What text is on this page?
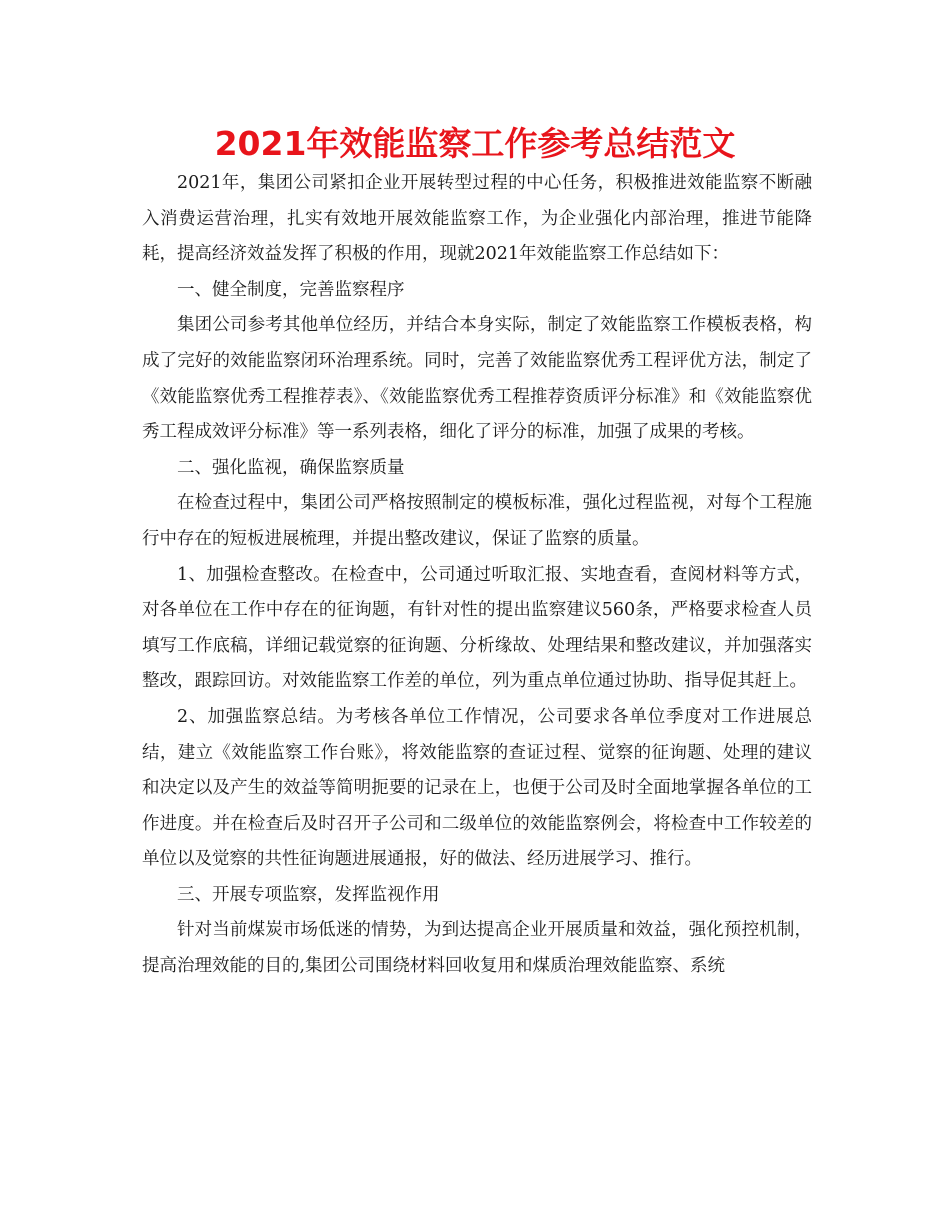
2021年效能监察工作参考总结范文

2021年，集团公司紧扣企业开展转型过程的中心任务，积极推进效能监察不断融入消费运营治理，扎实有效地开展效能监察工作，为企业强化内部治理，推进节能降耗，提高经济效益发挥了积极的作用，现就2021年效能监察工作总结如下：

一、健全制度，完善监察程序

集团公司参考其他单位经历，并结合本身实际，制定了效能监察工作模板表格，构成了完好的效能监察闭环治理系统。同时，完善了效能监察优秀工程评优方法，制定了《效能监察优秀工程推荐表》、《效能监察优秀工程推荐资质评分标准》和《效能监察优秀工程成效评分标准》等一系列表格，细化了评分的标准，加强了成果的考核。

二、强化监视，确保监察质量

在检查过程中，集团公司严格按照制定的模板标准，强化过程监视，对每个工程施行中存在的短板进展梳理，并提出整改建议，保证了监察的质量。

1、加强检查整改。在检查中，公司通过听取汇报、实地查看，查阅材料等方式，对各单位在工作中存在的征询题，有针对性的提出监察建议560条，严格要求检查人员填写工作底稿，详细记载觉察的征询题、分析缘故、处理结果和整改建议，并加强落实整改，跟踪回访。对效能监察工作差的单位，列为重点单位通过协助、指导促其赶上。

2、加强监察总结。为考核各单位工作情况，公司要求各单位季度对工作进展总结，建立《效能监察工作台账》，将效能监察的查证过程、觉察的征询题、处理的建议和决定以及产生的效益等简明扼要的记录在上，也便于公司及时全面地掌握各单位的工作进度。并在检查后及时召开子公司和二级单位的效能监察例会，将检查中工作较差的单位以及觉察的共性征询题进展通报，好的做法、经历进展学习、推行。

三、开展专项监察，发挥监视作用

针对当前煤炭市场低迷的情势，为到达提高企业开展质量和效益，强化预控机制，提高治理效能的目的,集团公司围绕材料回收复用和煤质治理效能监察、系统
